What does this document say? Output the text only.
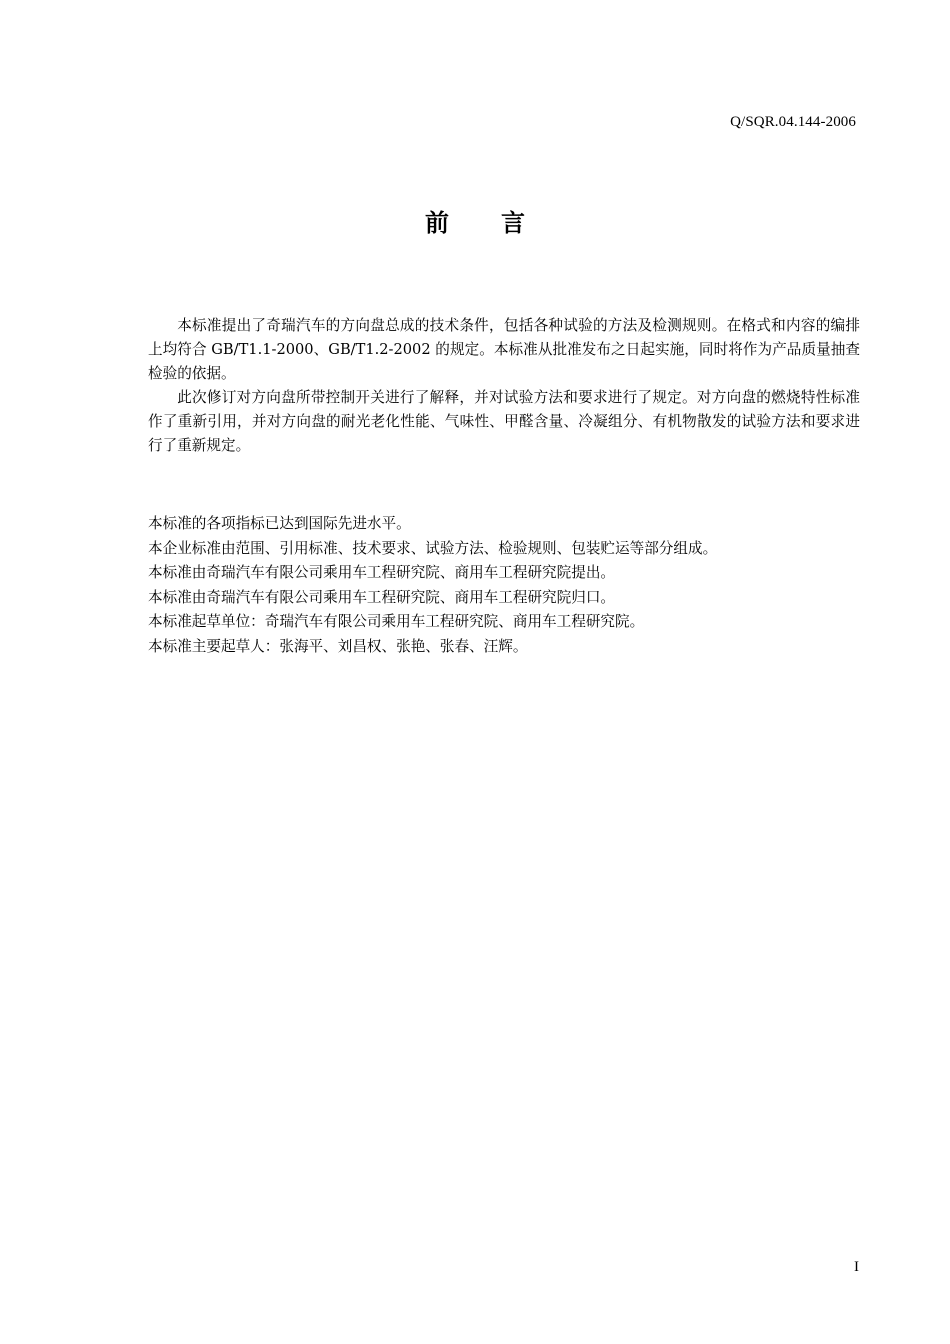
Q/SQR.04.144-2006
前 言

本标准提出了奇瑞汽车的方向盘总成的技术条件，包括各种试验的方法及检测规则。在格式和内容的编排上均符合 GB/T1.1-2000、GB/T1.2-2002 的规定。本标准从批准发布之日起实施，同时将作为产品质量抽查检验的依据。

此次修订对方向盘所带控制开关进行了解释，并对试验方法和要求进行了规定。对方向盘的燃烧特性标准作了重新引用，并对方向盘的耐光老化性能、气味性、甲醛含量、冷凝组分、有机物散发的试验方法和要求进行了重新规定。

本标准的各项指标已达到国际先进水平。
本企业标准由范围、引用标准、技术要求、试验方法、检验规则、包装贮运等部分组成。
本标准由奇瑞汽车有限公司乘用车工程研究院、商用车工程研究院提出。
本标准由奇瑞汽车有限公司乘用车工程研究院、商用车工程研究院归口。
本标准起草单位：奇瑞汽车有限公司乘用车工程研究院、商用车工程研究院。
本标准主要起草人：张海平、刘昌权、张艳、张春、汪辉。
I
